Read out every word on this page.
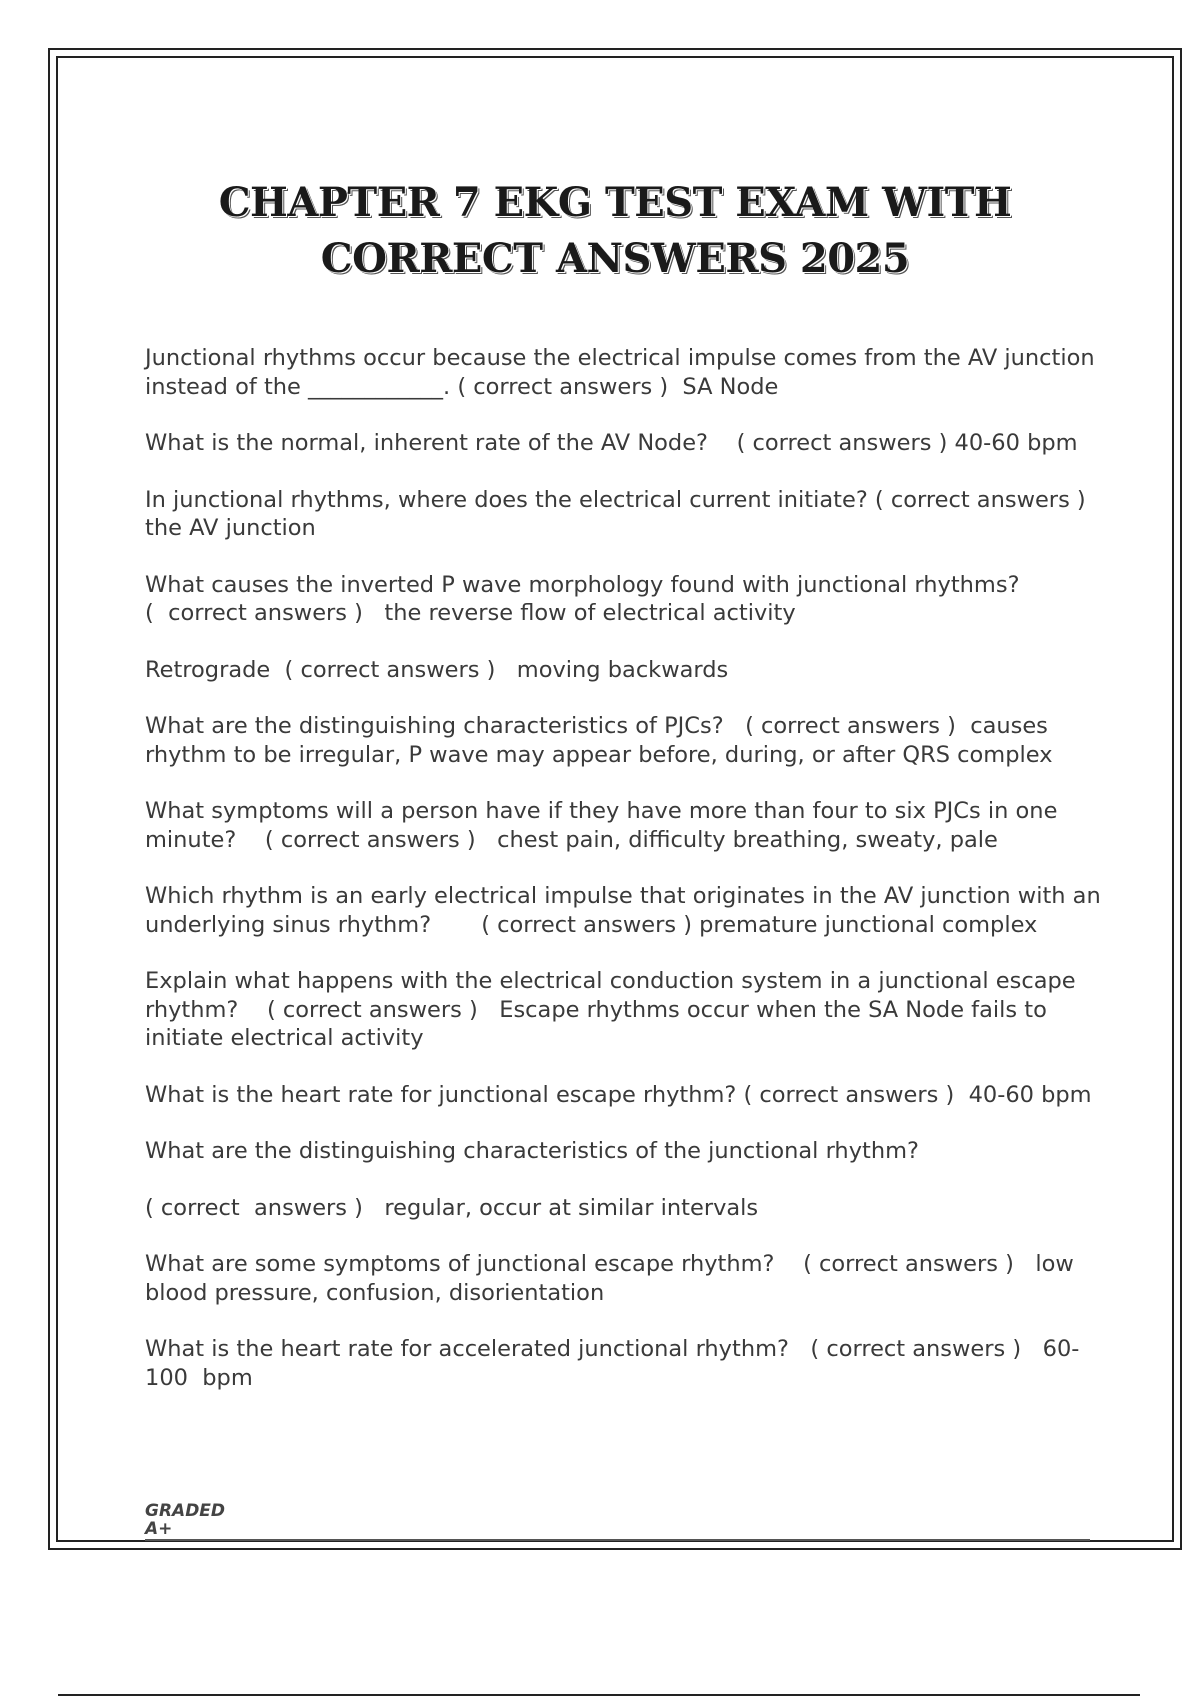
CHAPTER 7 EKG TEST EXAM WITH CORRECT ANSWERS 2025

Junctional rhythms occur because the electrical impulse comes from the AV junction  instead of the ____________. ( correct answers )  SA Node

What is the normal, inherent rate of the AV Node?    ( correct answers ) 40-60 bpm

In junctional rhythms, where does the electrical current initiate? ( correct answers )  the AV junction

What causes the inverted P wave morphology found with junctional rhythms?
(  correct answers )   the reverse flow of electrical activity

Retrograde  ( correct answers )   moving backwards

What are the distinguishing characteristics of PJCs?   ( correct answers )  causes  rhythm to be irregular, P wave may appear before, during, or after QRS complex

What symptoms will a person have if they have more than four to six PJCs in one  minute?    ( correct answers )   chest pain, difficulty breathing, sweaty, pale

Which rhythm is an early electrical impulse that originates in the AV junction with an  underlying sinus rhythm?       ( correct answers ) premature junctional complex

Explain what happens with the electrical conduction system in a junctional escape  rhythm?    ( correct answers )   Escape rhythms occur when the SA Node fails to  initiate electrical activity

What is the heart rate for junctional escape rhythm? ( correct answers )  40-60 bpm

What are the distinguishing characteristics of the junctional rhythm?

( correct  answers )   regular, occur at similar intervals

What are some symptoms of junctional escape rhythm?    ( correct answers )   low  blood pressure, confusion, disorientation

What is the heart rate for accelerated junctional rhythm?   ( correct answers )   60-100  bpm

GRADED
A+
